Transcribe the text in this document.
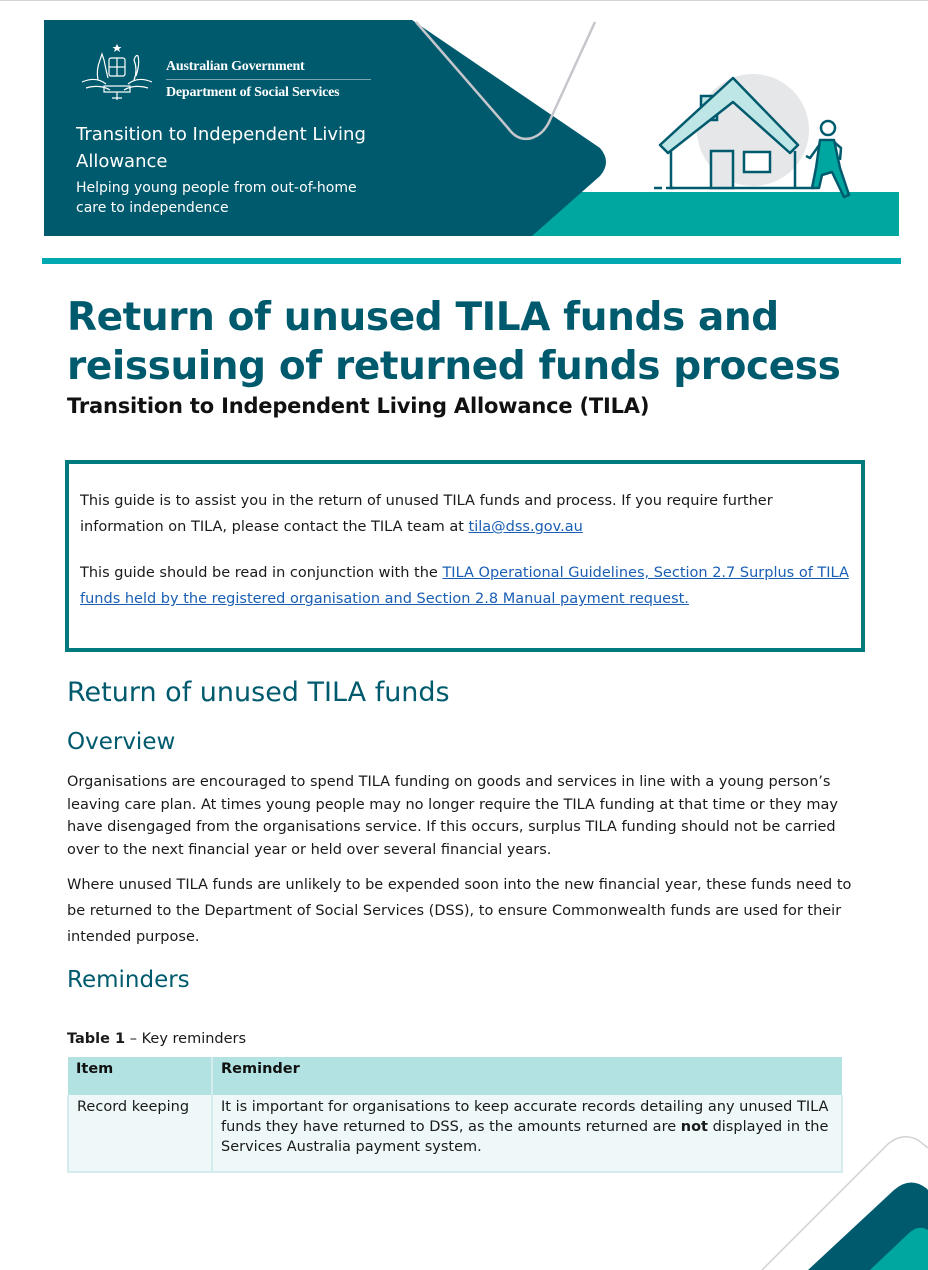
Australian Government
Department of Social Services
Transition to Independent Living Allowance
Helping young people from out-of-home care to independence
Return of unused TILA funds and reissuing of returned funds process
Transition to Independent Living Allowance (TILA)

This guide is to assist you in the return of unused TILA funds and process. If you require further information on TILA, please contact the TILA team at tila@dss.gov.au

This guide should be read in conjunction with the TILA Operational Guidelines, Section 2.7 Surplus of TILA funds held by the registered organisation and Section 2.8 Manual payment request.

Return of unused TILA funds
Overview

Organisations are encouraged to spend TILA funding on goods and services in line with a young person’s leaving care plan. At times young people may no longer require the TILA funding at that time or they may have disengaged from the organisations service. If this occurs, surplus TILA funding should not be carried over to the next financial year or held over several financial years.

Where unused TILA funds are unlikely to be expended soon into the new financial year, these funds need to be returned to the Department of Social Services (DSS), to ensure Commonwealth funds are used for their intended purpose.

Reminders
Table 1 – Key reminders
Item	Reminder
Record keeping	It is important for organisations to keep accurate records detailing any unused TILA funds they have returned to DSS, as the amounts returned are not displayed in the Services Australia payment system.
